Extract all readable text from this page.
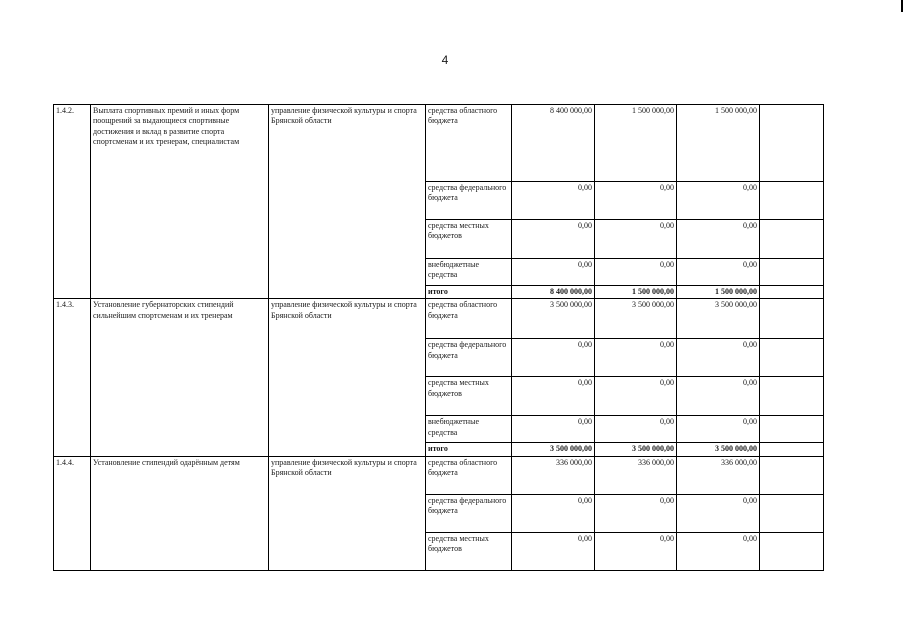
4
1.4.2.	Выплата спортивных премий и иных форм поощрений за выдающиеся спортивные достижения и вклад в развитие спорта спортсменам и их тренерам, специалистам	управление физической культуры и спорта Брянской области	средства областного бюджета	8 400 000,00	1 500 000,00	1 500 000,00	
			средства федерального бюджета	0,00	0,00	0,00	
			средства местных бюджетов	0,00	0,00	0,00	
			внебюджетные средства	0,00	0,00	0,00	
			итого	8 400 000,00	1 500 000,00	1 500 000,00	
1.4.3.	Установление губернаторских стипендий сильнейшим спортсменам и их тренерам	управление физической культуры и спорта Брянской области	средства областного бюджета	3 500 000,00	3 500 000,00	3 500 000,00	
			средства федерального бюджета	0,00	0,00	0,00	
			средства местных бюджетов	0,00	0,00	0,00	
			внебюджетные средства	0,00	0,00	0,00	
			итого	3 500 000,00	3 500 000,00	3 500 000,00	
1.4.4.	Установление стипендий одарённым детям	управление физической культуры и спорта Брянской области	средства областного бюджета	336 000,00	336 000,00	336 000,00	
			средства федерального бюджета	0,00	0,00	0,00	
			средства местных бюджетов	0,00	0,00	0,00	
